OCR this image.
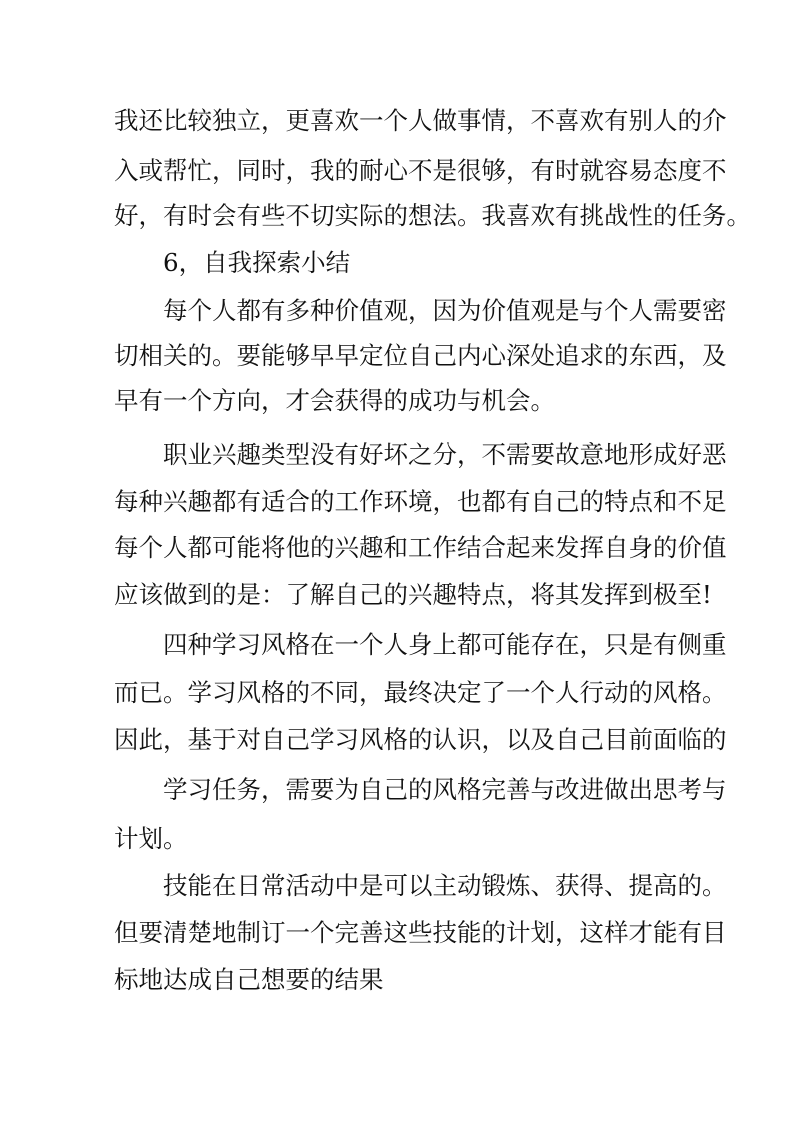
我还比较独立，更喜欢一个人做事情，不喜欢有别人的介
入或帮忙，同时，我的耐心不是很够，有时就容易态度不
好，有时会有些不切实际的想法。我喜欢有挑战性的任务。
6，自我探索小结
每个人都有多种价值观，因为价值观是与个人需要密
切相关的。要能够早早定位自己内心深处追求的东西，及
早有一个方向，才会获得的成功与机会。
职业兴趣类型没有好坏之分，不需要故意地形成好恶
每种兴趣都有适合的工作环境，也都有自己的特点和不足
每个人都可能将他的兴趣和工作结合起来发挥自身的价值
应该做到的是：了解自己的兴趣特点，将其发挥到极至!
四种学习风格在一个人身上都可能存在，只是有侧重
而已。学习风格的不同，最终决定了一个人行动的风格。
因此，基于对自己学习风格的认识，以及自己目前面临的
学习任务，需要为自己的风格完善与改进做出思考与
计划。
技能在日常活动中是可以主动锻炼、获得、提高的。
但要清楚地制订一个完善这些技能的计划，这样才能有目
标地达成自己想要的结果
